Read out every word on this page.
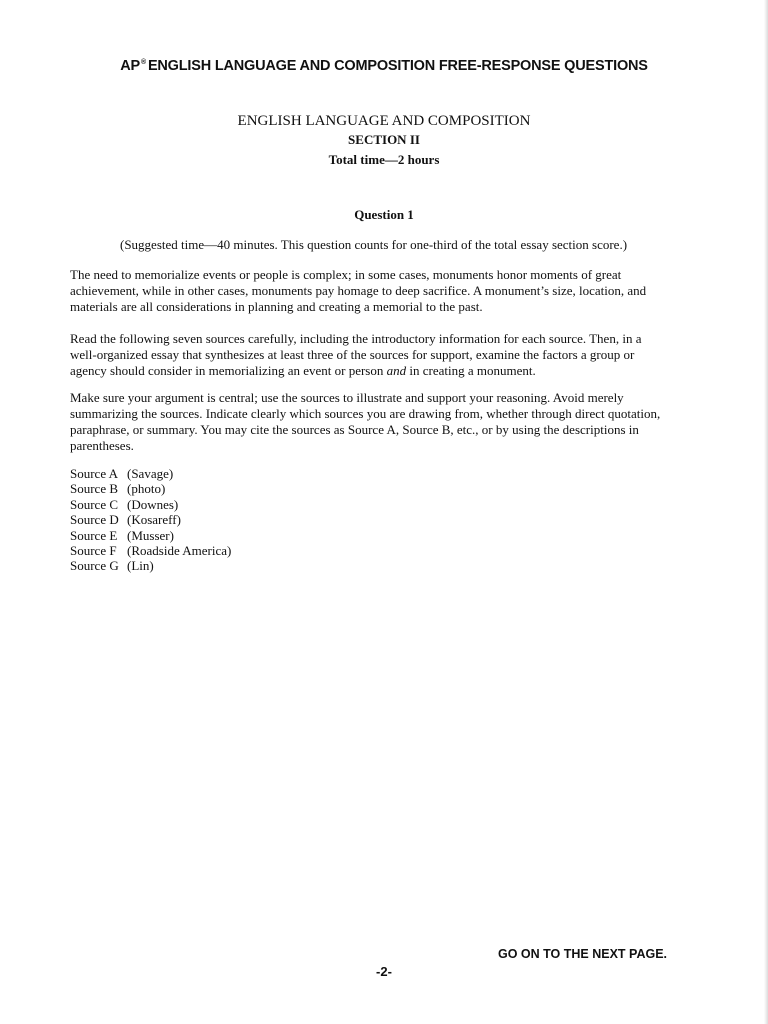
AP® ENGLISH LANGUAGE AND COMPOSITION FREE-RESPONSE QUESTIONS
ENGLISH LANGUAGE AND COMPOSITION
SECTION II
Total time—2 hours
Question 1
(Suggested time—40 minutes. This question counts for one-third of the total essay section score.)
The need to memorialize events or people is complex; in some cases, monuments honor moments of great achievement, while in other cases, monuments pay homage to deep sacrifice. A monument’s size, location, and materials are all considerations in planning and creating a memorial to the past.
Read the following seven sources carefully, including the introductory information for each source. Then, in a well-organized essay that synthesizes at least three of the sources for support, examine the factors a group or agency should consider in memorializing an event or person and in creating a monument.
Make sure your argument is central; use the sources to illustrate and support your reasoning. Avoid merely summarizing the sources. Indicate clearly which sources you are drawing from, whether through direct quotation, paraphrase, or summary. You may cite the sources as Source A, Source B, etc., or by using the descriptions in parentheses.
Source A (Savage)
Source B (photo)
Source C (Downes)
Source D (Kosareff)
Source E (Musser)
Source F (Roadside America)
Source G (Lin)
GO ON TO THE NEXT PAGE.
-2-
